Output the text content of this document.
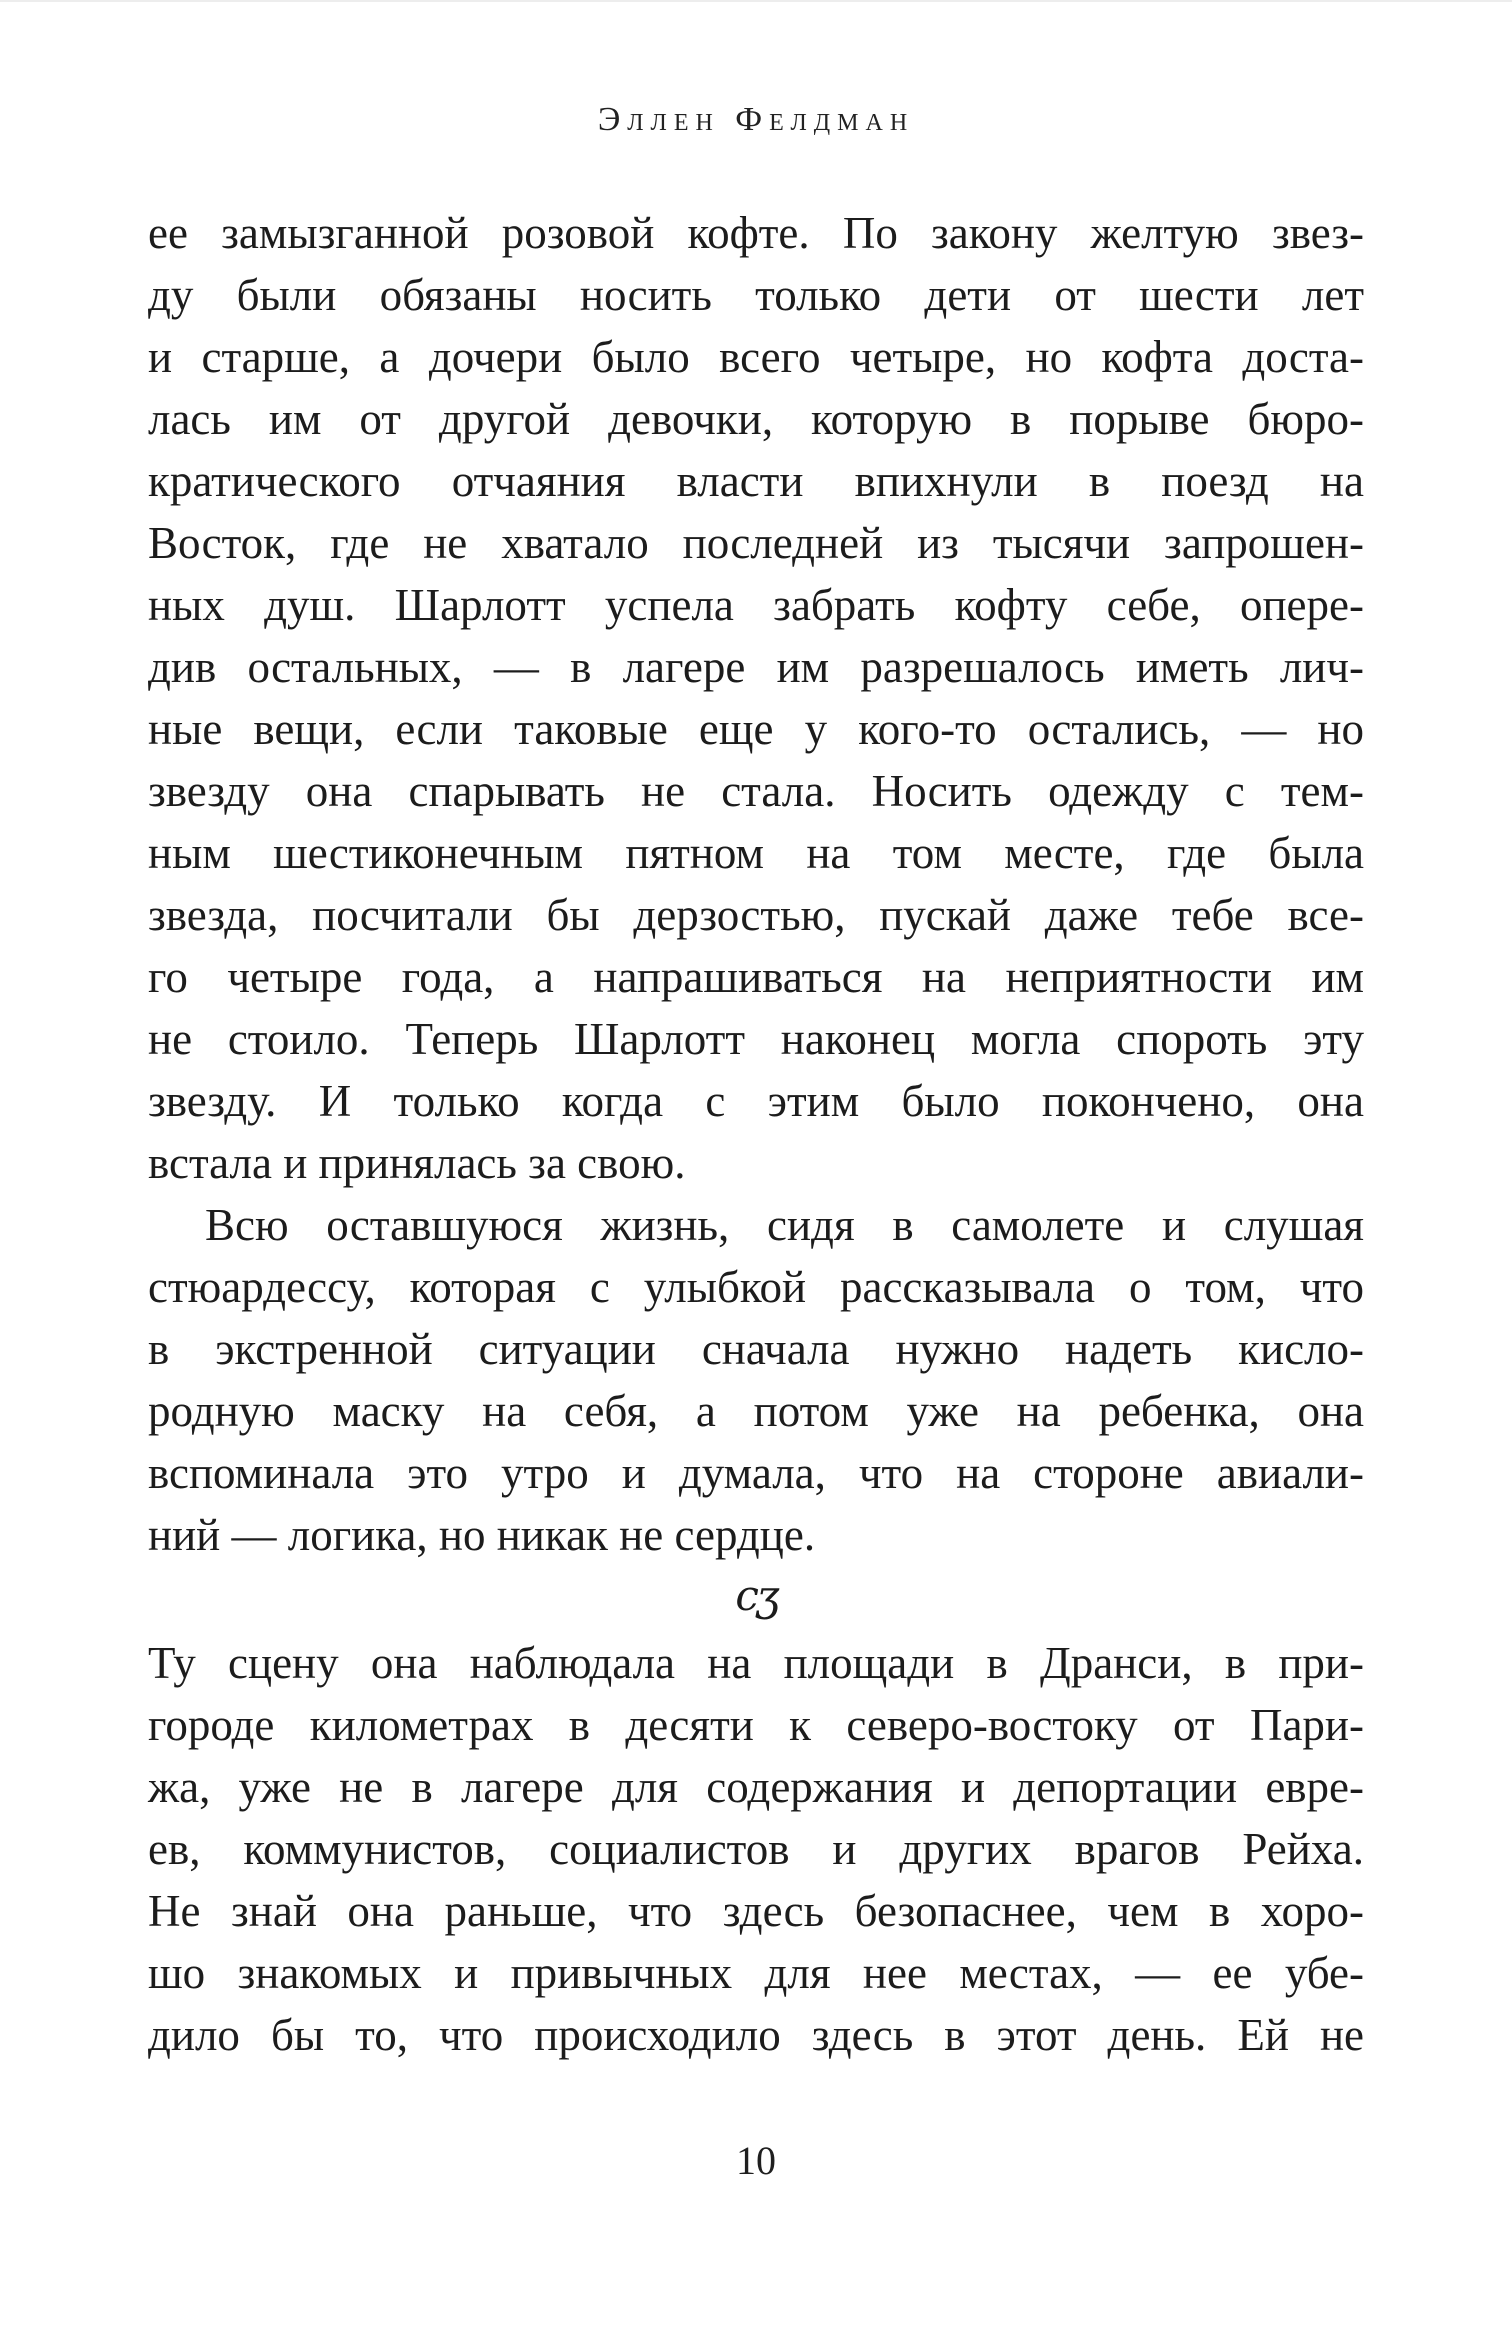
Эллен Фелдман

ее замызганной розовой кофте. По закону желтую звез-
ду были обязаны носить только дети от шести лет
и старше, а дочери было всего четыре, но кофта доста-
лась им от другой девочки, которую в порыве бюро-
кратического отчаяния власти впихнули в поезд на
Восток, где не хватало последней из тысячи запрошен-
ных душ. Шарлотт успела забрать кофту себе, опере-
див остальных, — в лагере им разрешалось иметь лич-
ные вещи, если таковые еще у кого-то остались, — но
звезду она спарывать не стала. Носить одежду с тем-
ным шестиконечным пятном на том месте, где была
звезда, посчитали бы дерзостью, пускай даже тебе все-
го четыре года, а напрашиваться на неприятности им
не стоило. Теперь Шарлотт наконец могла спороть эту
звезду. И только когда с этим было покончено, она
встала и принялась за свою.

Всю оставшуюся жизнь, сидя в самолете и слушая
стюардессу, которая с улыбкой рассказывала о том, что
в экстренной ситуации сначала нужно надеть кисло-
родную маску на себя, а потом уже на ребенка, она
вспоминала это утро и думала, что на стороне авиали-
ний — логика, но никак не сердце.

cʒ

Ту сцену она наблюдала на площади в Дранси, в при-
городе километрах в десяти к северо-востоку от Пари-
жа, уже не в лагере для содержания и депортации евре-
ев, коммунистов, социалистов и других врагов Рейха.
Не знай она раньше, что здесь безопаснее, чем в хоро-
шо знакомых и привычных для нее местах, — ее убе-
дило бы то, что происходило здесь в этот день. Ей не

10
